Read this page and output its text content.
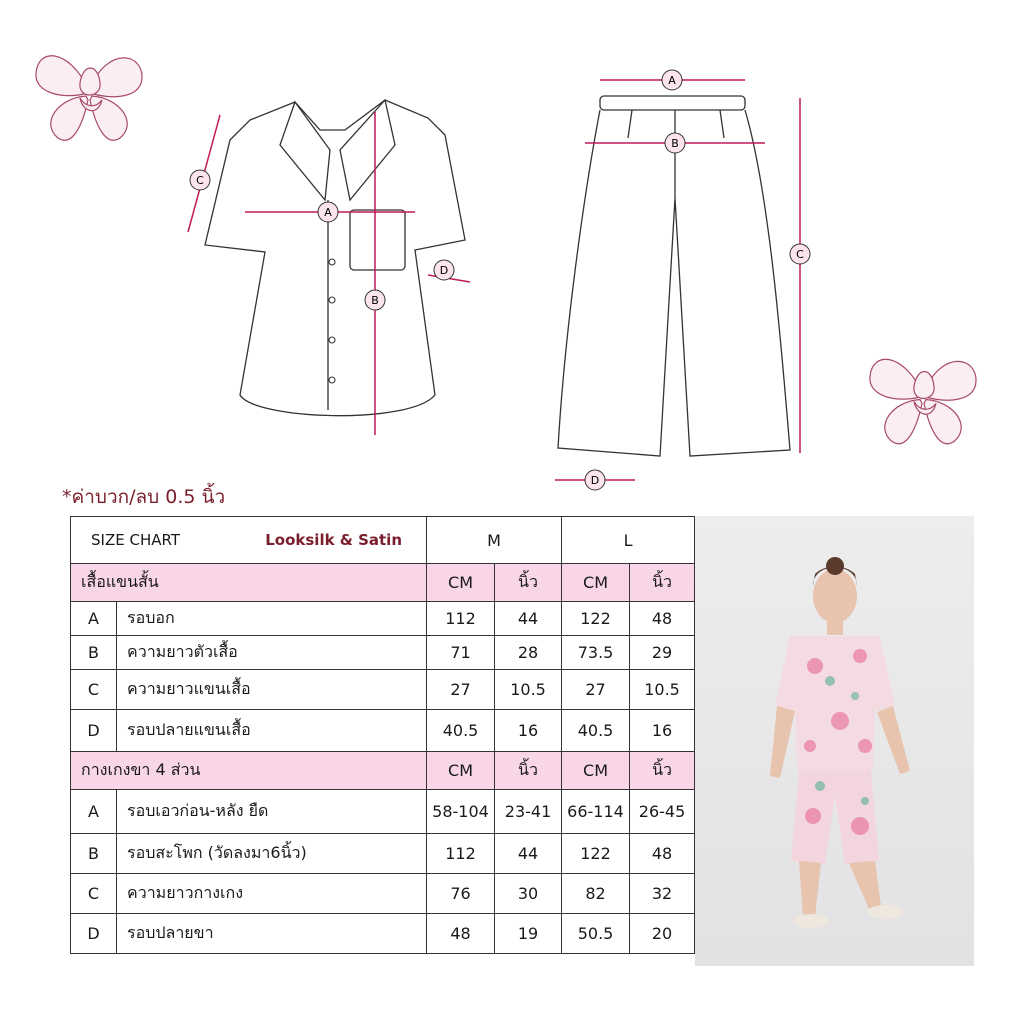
A
B
C
D
A
B
C
D
*ค่าบวก/ลบ 0.5 นิ้ว
SIZE CHART Looksilk & Satin		M		L	
เสื้อแขนสั้น		CM	นิ้ว	CM	นิ้ว
A	รอบอก	112	44	122	48
B	ความยาวตัวเสื้อ	71	28	73.5	29
C	ความยาวแขนเสื้อ	27	10.5	27	10.5
D	รอบปลายแขนเสื้อ	40.5	16	40.5	16
กางเกงขา 4 ส่วน		CM	นิ้ว	CM	นิ้ว
A	รอบเอวก่อน-หลัง ยืด	58-104	23-41	66-114	26-45
B	รอบสะโพก (วัดลงมา6นิ้ว)	112	44	122	48
C	ความยาวกางเกง	76	30	82	32
D	รอบปลายขา	48	19	50.5	20
